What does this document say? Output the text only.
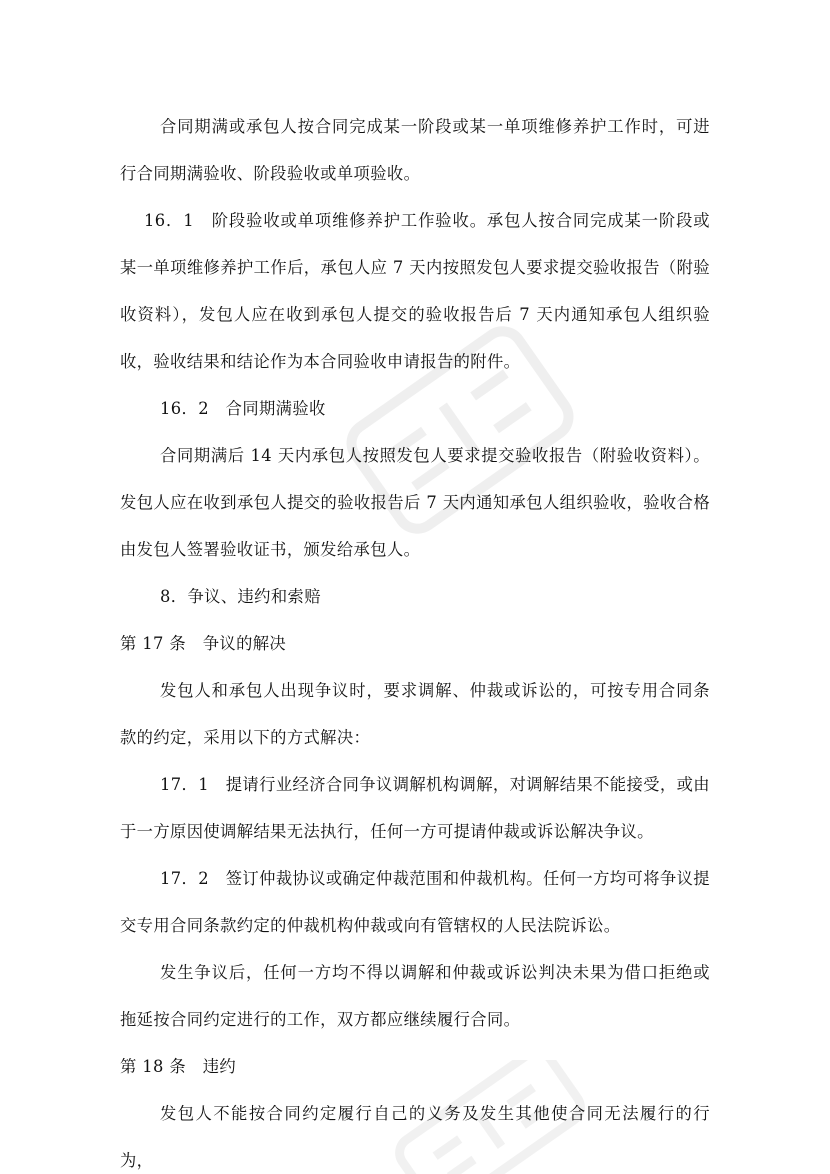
合同期满或承包人按合同完成某一阶段或某一单项维修养护工作时，可进行合同期满验收、阶段验收或单项验收。

16．1　阶段验收或单项维修养护工作验收。承包人按合同完成某一阶段或某一单项维修养护工作后，承包人应 7 天内按照发包人要求提交验收报告（附验收资料），发包人应在收到承包人提交的验收报告后 7 天内通知承包人组织验收，验收结果和结论作为本合同验收申请报告的附件。

16．2　合同期满验收

合同期满后 14 天内承包人按照发包人要求提交验收报告（附验收资料）。发包人应在收到承包人提交的验收报告后 7 天内通知承包人组织验收，验收合格由发包人签署验收证书，颁发给承包人。

8．争议、违约和索赔

第 17 条　争议的解决

发包人和承包人出现争议时，要求调解、仲裁或诉讼的，可按专用合同条款的约定，采用以下的方式解决：

17．1　提请行业经济合同争议调解机构调解，对调解结果不能接受，或由于一方原因使调解结果无法执行，任何一方可提请仲裁或诉讼解决争议。

17．2　签订仲裁协议或确定仲裁范围和仲裁机构。任何一方均可将争议提交专用合同条款约定的仲裁机构仲裁或向有管辖权的人民法院诉讼。

发生争议后，任何一方均不得以调解和仲裁或诉讼判决未果为借口拒绝或拖延按合同约定进行的工作，双方都应继续履行合同。

第 18 条　违约

发包人不能按合同约定履行自己的义务及发生其他使合同无法履行的行为，
